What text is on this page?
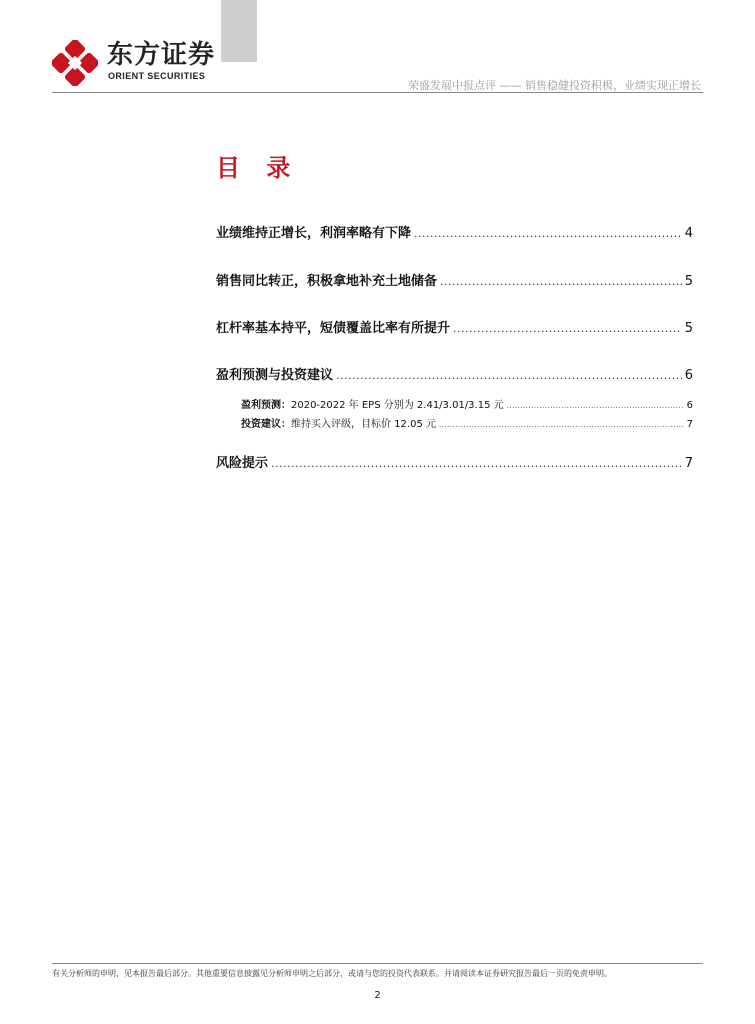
东方证券
ORIENT SECURITIES
荣盛发展中报点评 —— 销售稳健投资积极，业绩实现正增长
目 录
业绩维持正增长，利润率略有下降 .....	4
销售同比转正，积极拿地补充土地储备 .....	5
杠杆率基本持平，短债覆盖比率有所提升 .....	5
盈利预测与投资建议 .....	6
盈利预测：2020-2022 年 EPS 分别为 2.41/3.01/3.15 元 .....	6
投资建议：维持买入评级，目标价 12.05 元 .....	7
风险提示 .....	7
有关分析师的申明，见本报告最后部分。其他重要信息披露见分析师申明之后部分，或请与您的投资代表联系。并请阅读本证券研究报告最后一页的免责申明。
2
